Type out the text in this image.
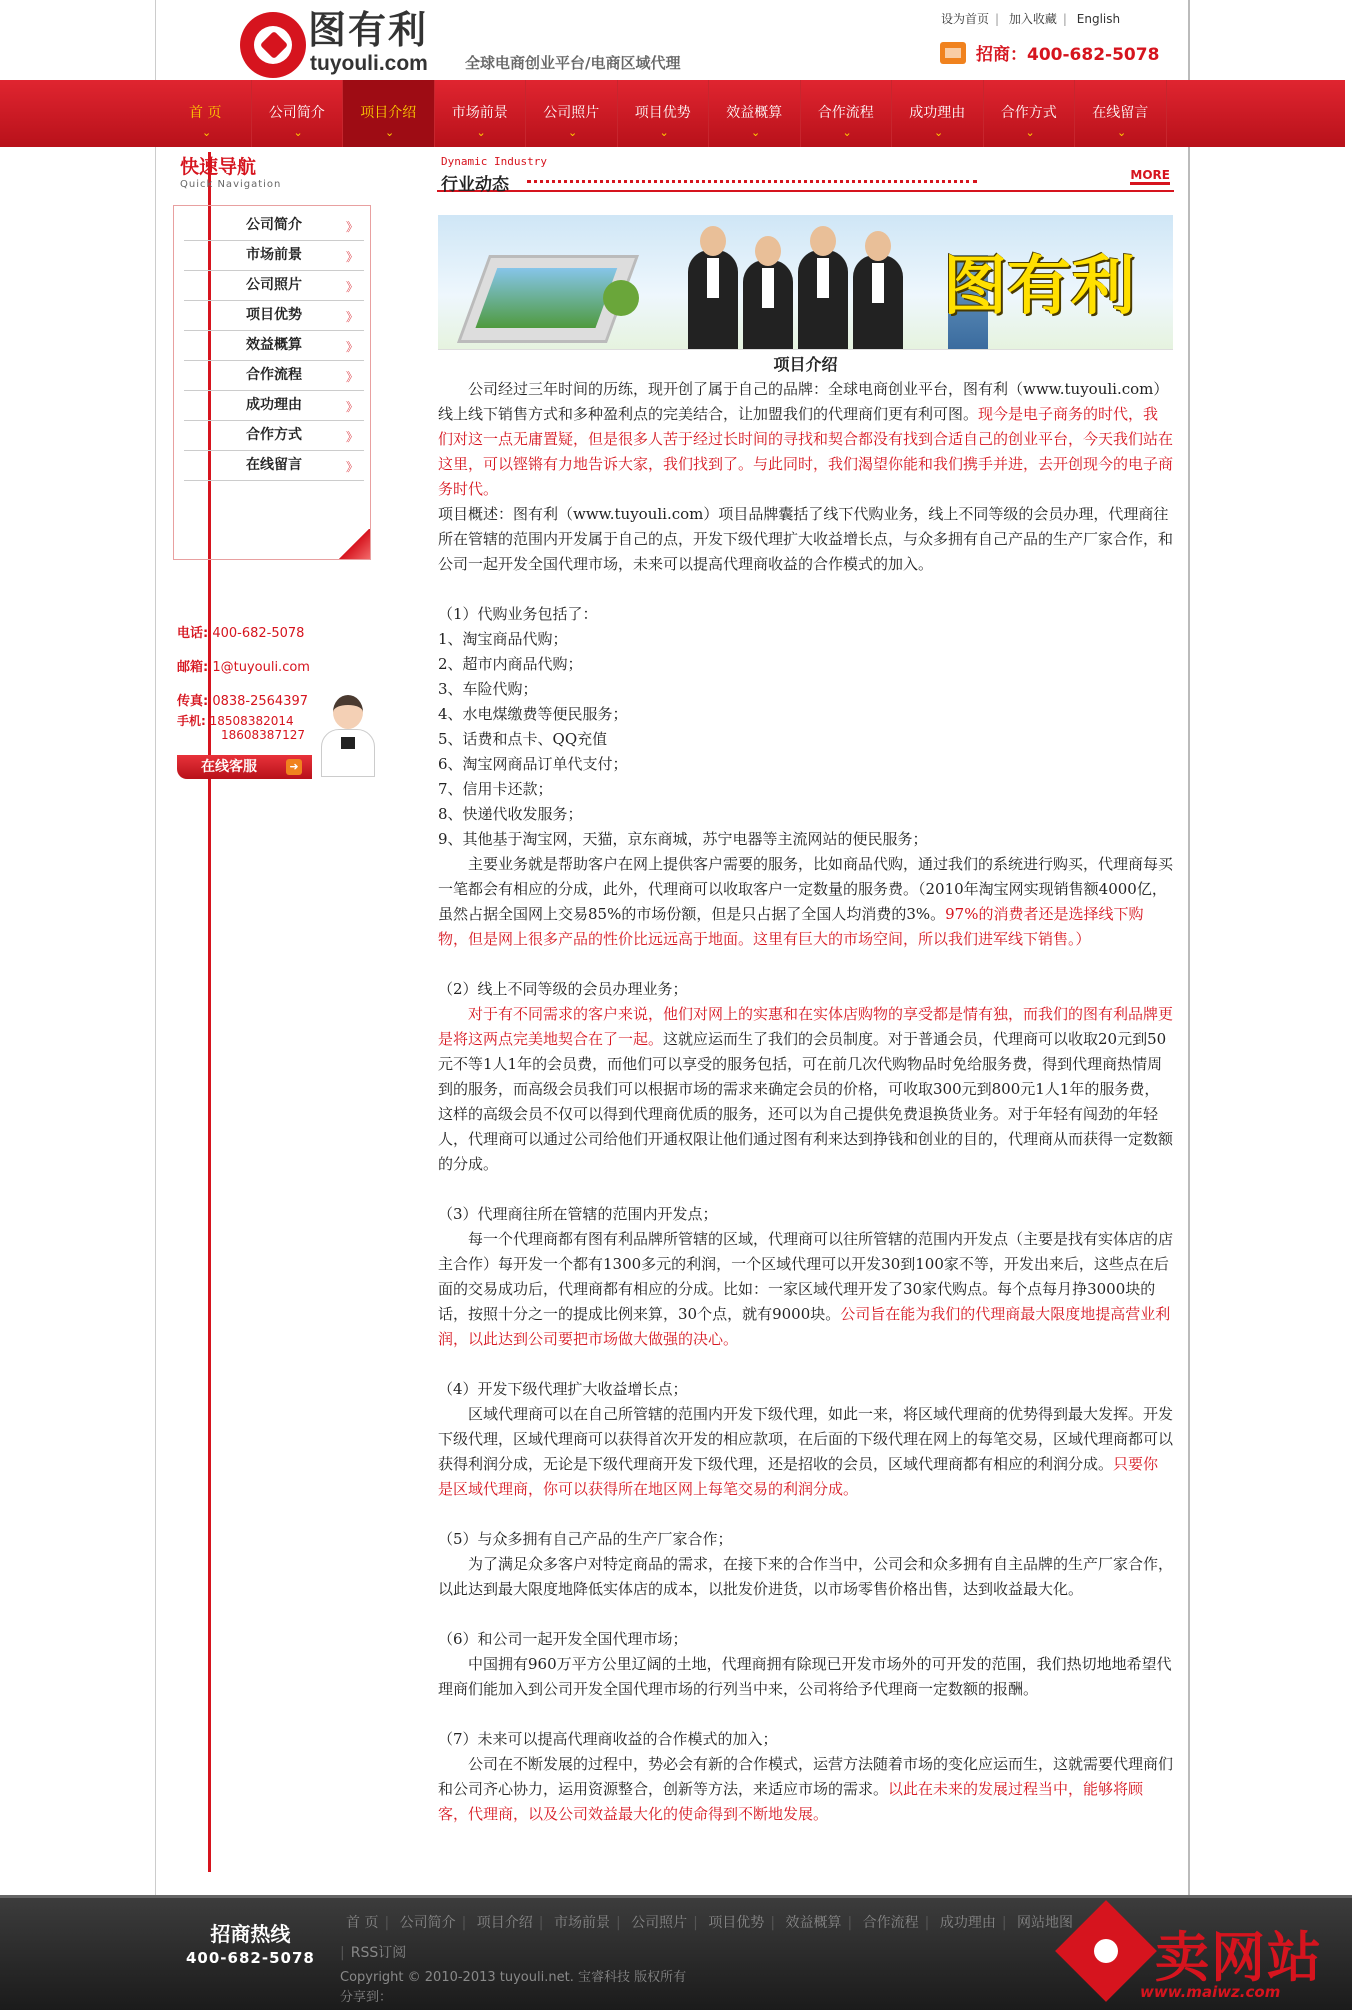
图有利
tuyouli.com 全球电商创业平台/电商区域代理
设为首页 | 加入收藏 | English
招商：400-682-5078
首 页
⌄
公司简介
⌄
项目介绍
⌄
市场前景
⌄
公司照片
⌄
项目优势
⌄
效益概算
⌄
合作流程
⌄
成功理由
⌄
合作方式
⌄
在线留言
⌄
快速导航
Quick Navigation
公司简介	》
市场前景	》
公司照片	》
项目优势	》
效益概算	》
合作流程	》
成功理由	》
合作方式	》
在线留言	》
电话: 400-682-5078
邮箱: 1@tuyouli.com
传真: 0838-2564397
手机: 18508382014
18608387127
在线客服	➜
Dynamic Industry
行业动态	MORE
图有利

项目介绍

公司经过三年时间的历练，现开创了属于自己的品牌：全球电商创业平台，图有利（www.tuyouli.com）线上线下销售方式和多种盈利点的完美结合，让加盟我们的代理商们更有利可图。现今是电子商务的时代，我们对这一点无庸置疑，但是很多人苦于经过长时间的寻找和契合都没有找到合适自己的创业平台，今天我们站在这里，可以铿锵有力地告诉大家，我们找到了。与此同时，我们渴望你能和我们携手并进，去开创现今的电子商务时代。

项目概述：图有利（www.tuyouli.com）项目品牌囊括了线下代购业务，线上不同等级的会员办理，代理商往所在管辖的范围内开发属于自己的点，开发下级代理扩大收益增长点，与众多拥有自己产品的生产厂家合作，和公司一起开发全国代理市场，未来可以提高代理商收益的合作模式的加入。

（1）代购业务包括了：

1、淘宝商品代购；

2、超市内商品代购；

3、车险代购；

4、水电煤缴费等便民服务；

5、话费和点卡、QQ充值

6、淘宝网商品订单代支付；

7、信用卡还款；

8、快递代收发服务；

9、其他基于淘宝网，天猫，京东商城，苏宁电器等主流网站的便民服务；

主要业务就是帮助客户在网上提供客户需要的服务，比如商品代购，通过我们的系统进行购买，代理商每买一笔都会有相应的分成，此外，代理商可以收取客户一定数量的服务费。（2010年淘宝网实现销售额4000亿，虽然占据全国网上交易85%的市场份额，但是只占据了全国人均消费的3%。97%的消费者还是选择线下购物，但是网上很多产品的性价比远远高于地面。这里有巨大的市场空间，所以我们进军线下销售。）

（2）线上不同等级的会员办理业务；

对于有不同需求的客户来说，他们对网上的实惠和在实体店购物的享受都是情有独，而我们的图有利品牌更是将这两点完美地契合在了一起。这就应运而生了我们的会员制度。对于普通会员，代理商可以收取20元到50元不等1人1年的会员费，而他们可以享受的服务包括，可在前几次代购物品时免给服务费，得到代理商热情周到的服务，而高级会员我们可以根据市场的需求来确定会员的价格，可收取300元到800元1人1年的服务费，这样的高级会员不仅可以得到代理商优质的服务，还可以为自己提供免费退换货业务。对于年轻有闯劲的年轻人，代理商可以通过公司给他们开通权限让他们通过图有利来达到挣钱和创业的目的，代理商从而获得一定数额的分成。

（3）代理商往所在管辖的范围内开发点；

每一个代理商都有图有利品牌所管辖的区域，代理商可以往所管辖的范围内开发点（主要是找有实体店的店主合作）每开发一个都有1300多元的利润，一个区域代理可以开发30到100家不等，开发出来后，这些点在后面的交易成功后，代理商都有相应的分成。比如：一家区域代理开发了30家代购点。每个点每月挣3000块的话，按照十分之一的提成比例来算，30个点，就有9000块。公司旨在能为我们的代理商最大限度地提高营业利润，以此达到公司要把市场做大做强的决心。

（4）开发下级代理扩大收益增长点；

区域代理商可以在自己所管辖的范围内开发下级代理，如此一来，将区域代理商的优势得到最大发挥。开发下级代理，区域代理商可以获得首次开发的相应款项，在后面的下级代理在网上的每笔交易，区域代理商都可以获得利润分成，无论是下级代理商开发下级代理，还是招收的会员，区域代理商都有相应的利润分成。只要你是区域代理商，你可以获得所在地区网上每笔交易的利润分成。

（5）与众多拥有自己产品的生产厂家合作；

为了满足众多客户对特定商品的需求，在接下来的合作当中，公司会和众多拥有自主品牌的生产厂家合作，以此达到最大限度地降低实体店的成本，以批发价进货，以市场零售价格出售，达到收益最大化。

（6）和公司一起开发全国代理市场；

中国拥有960万平方公里辽阔的土地，代理商拥有除现已开发市场外的可开发的范围，我们热切地地希望代理商们能加入到公司开发全国代理市场的行列当中来，公司将给予代理商一定数额的报酬。

（7）未来可以提高代理商收益的合作模式的加入；

公司在不断发展的过程中，势必会有新的合作模式，运营方法随着市场的变化应运而生，这就需要代理商们和公司齐心协力，运用资源整合，创新等方法，来适应市场的需求。以此在未来的发展过程当中，能够将顾客，代理商，以及公司效益最大化的使命得到不断地发展。

招商热线
400-682-5078
首 页 | 公司简介 | 项目介绍 | 市场前景 | 公司照片 | 项目优势 | 效益概算 | 合作流程 | 成功理由 | 网站地图
| RSS订阅
Copyright © 2010-2013 tuyouli.net. 宝睿科技 版权所有
分享到：
卖网站
www.maiwz.com
